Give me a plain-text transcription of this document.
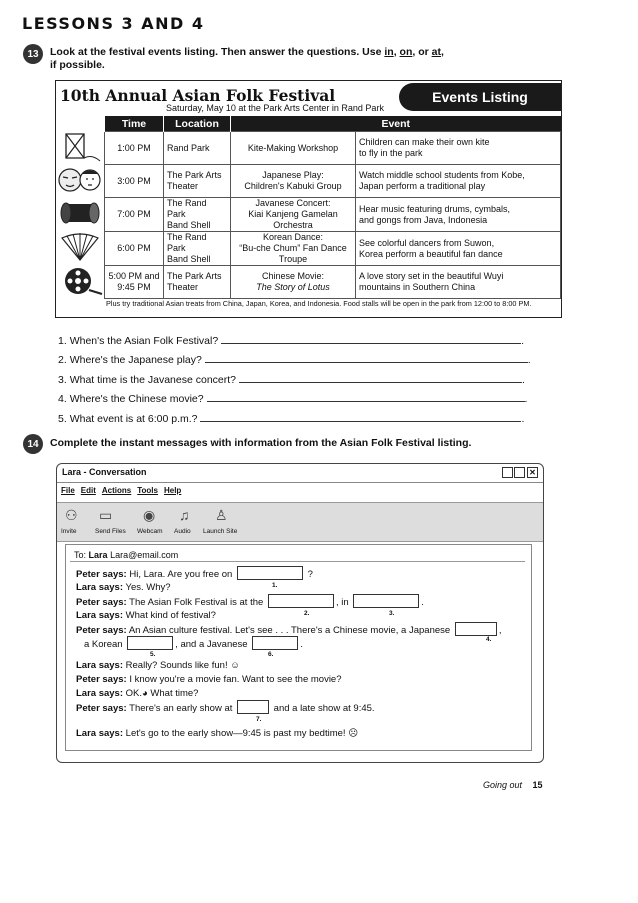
LESSONS 3 AND 4
13	Look at the festival events listing. Then answer the questions. Use in, on, or at,
if possible.
10th Annual Asian Folk Festival
Saturday, May 10 at the Park Arts Center in Rand Park
Events Listing
	Time	Location	Event	
	1:00 PM	Rand Park	Kite-Making Workshop	Children can make their own kite
to fly in the park
	3:00 PM	The Park Arts
Theater	Japanese Play:
Children's Kabuki Group	Watch middle school students from Kobe,
Japan perform a traditional play
	7:00 PM	The Rand Park
Band Shell	Javanese Concert:
Kiai Kanjeng Gamelan Orchestra	Hear music featuring drums, cymbals,
and gongs from Java, Indonesia
	6:00 PM	The Rand Park
Band Shell	Korean Dance:
“Bu-che Chum” Fan Dance Troupe	See colorful dancers from Suwon,
Korea perform a beautiful fan dance
	5:00 PM and
9:45 PM	The Park Arts
Theater	Chinese Movie:
The Story of Lotus	A love story set in the beautiful Wuyi
mountains in Southern China
Plus try traditional Asian treats from China, Japan, Korea, and Indonesia. Food stalls will be open in the park from 12:00 to 8:00 PM.
1. When's the Asian Folk Festival?	.
2. Where's the Japanese play?	.
3. What time is the Javanese concert?	.
4. Where's the Chinese movie?	.
5. What event is at 6:00 p.m.?	.
14	Complete the instant messages with information from the Asian Folk Festival listing.
Lara - Conversation	✕
File Edit Actions Tools Help
⚇
Invite
▭
Send Files
◉
Webcam
♫
Audio
♙
Launch Site
To: Lara Lara@email.com
Peter says: Hi, Lara. Are you free on	?
1.
Lara says: Yes. Why?
Peter says: The Asian Folk Festival is at the	, in	.
2.	3.
Lara says: What kind of festival?
Peter says: An Asian culture festival. Let's see . . . There's a Chinese movie, a Japanese	,
4.
a Korean	, and a Javanese	.
5.	6.
Lara says: Really? Sounds like fun! ☺
Peter says: I know you're a movie fan. Want to see the movie?
Lara says: OK.◕ What time?
Peter says: There's an early show at	and a late show at 9:45.
7.
Lara says: Let's go to the early show—9:45 is past my bedtime! ☹
Going out 15
